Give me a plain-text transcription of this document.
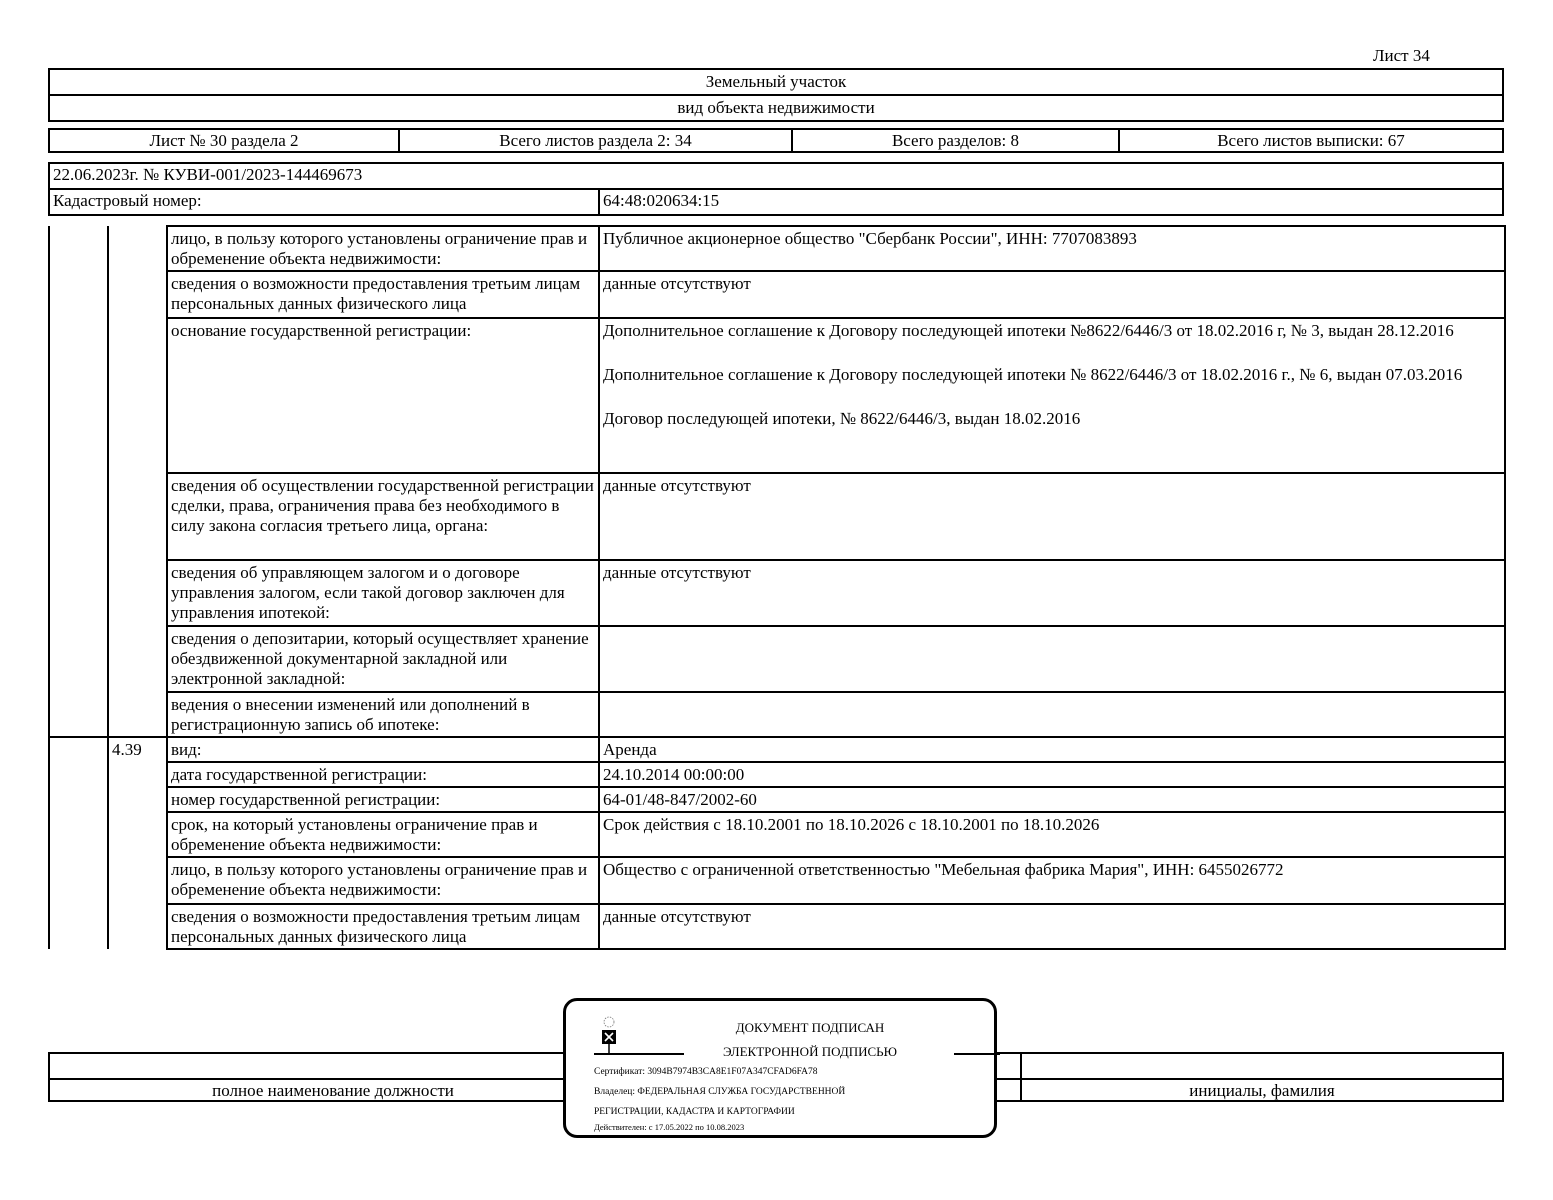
Лист 34
Земельный участок
вид объекта недвижимости
Лист № 30 раздела 2	Всего листов раздела 2: 34	Всего разделов: 8	Всего листов выписки: 67
22.06.2023г. № КУВИ-001/2023-144469673
Кадастровый номер:	64:48:020634:15
		лицо, в пользу которого установлены ограничение прав и обременение объекта недвижимости:	Публичное акционерное общество "Сбербанк России", ИНН: 7707083893
		сведения о возможности предоставления третьим лицам персональных данных физического лица	данные отсутствуют
		основание государственной регистрации:	Дополнительное соглашение к Договору последующей ипотеки №8622/6446/3 от 18.02.2016 г, № 3, выдан 28.12.2016
Дополнительное соглашение к Договору последующей ипотеки № 8622/6446/3 от 18.02.2016 г., № 6, выдан 07.03.2016
Договор последующей ипотеки, № 8622/6446/3, выдан 18.02.2016
		сведения об осуществлении государственной регистрации сделки, права, ограничения права без необходимого в силу закона согласия третьего лица, органа:	данные отсутствуют
		сведения об управляющем залогом и о договоре управления залогом, если такой договор заключен для управления ипотекой:	данные отсутствуют
		сведения о депозитарии, который осуществляет хранение обездвиженной документарной закладной или электронной закладной:	
		ведения о внесении изменений или дополнений в регистрационную запись об ипотеке:	
	4.39	вид:	Аренда
		дата государственной регистрации:	24.10.2014 00:00:00
		номер государственной регистрации:	64-01/48-847/2002-60
		срок, на который установлены ограничение прав и обременение объекта недвижимости:	Срок действия с 18.10.2001 по 18.10.2026 с 18.10.2001 по 18.10.2026
		лицо, в пользу которого установлены ограничение прав и обременение объекта недвижимости:	Общество с ограниченной ответственностью "Мебельная фабрика Мария", ИНН: 6455026772
		сведения о возможности предоставления третьим лицам персональных данных физического лица	данные отсутствуют
полное наименование должности	инициалы, фамилия
ДОКУМЕНТ ПОДПИСАН
ЭЛЕКТРОННОЙ ПОДПИСЬЮ
Сертификат: 3094B7974B3CA8E1F07A347CFAD6FA78
Владелец: ФЕДЕРАЛЬНАЯ СЛУЖБА ГОСУДАРСТВЕННОЙ
РЕГИСТРАЦИИ, КАДАСТРА И КАРТОГРАФИИ
Действителен: с 17.05.2022 по 10.08.2023
